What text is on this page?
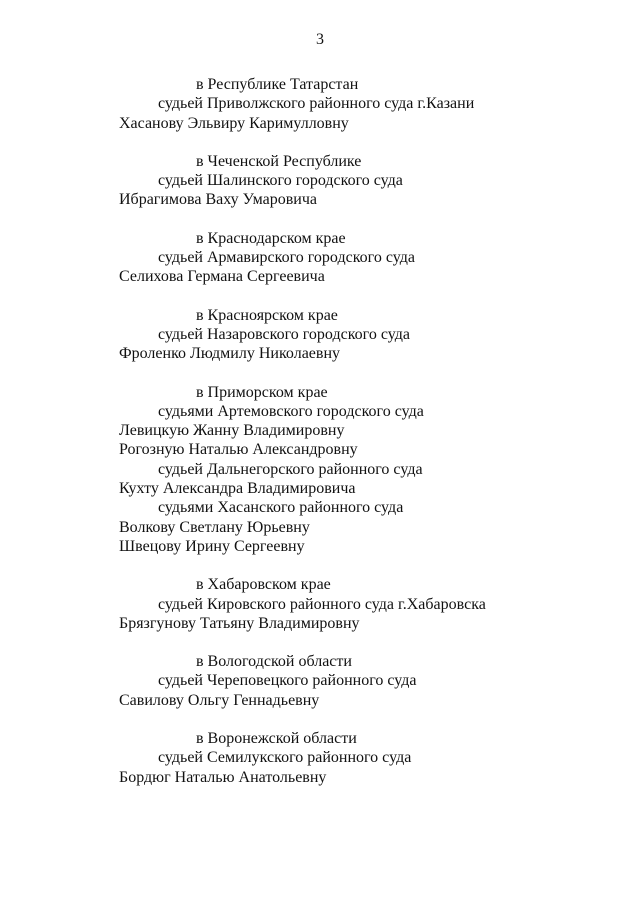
3
в Республике Татарстан
судьей Приволжского районного суда г.Казани
Хасанову Эльвиру Каримулловну
в Чеченской Республике
судьей Шалинского городского суда
Ибрагимова Ваху Умаровича
в Краснодарском крае
судьей Армавирского городского суда
Селихова Германа Сергеевича
в Красноярском крае
судьей Назаровского городского суда
Фроленко Людмилу Николаевну
в Приморском крае
судьями Артемовского городского суда
Левицкую Жанну Владимировну
Рогозную Наталью Александровну
судьей Дальнегорского районного суда
Кухту Александра Владимировича
судьями Хасанского районного суда
Волкову Светлану Юрьевну
Швецову Ирину Сергеевну
в Хабаровском крае
судьей Кировского районного суда г.Хабаровска
Брязгунову Татьяну Владимировну
в Вологодской области
судьей Череповецкого районного суда
Савилову Ольгу Геннадьевну
в Воронежской области
судьей Семилукского районного суда
Бордюг Наталью Анатольевну
